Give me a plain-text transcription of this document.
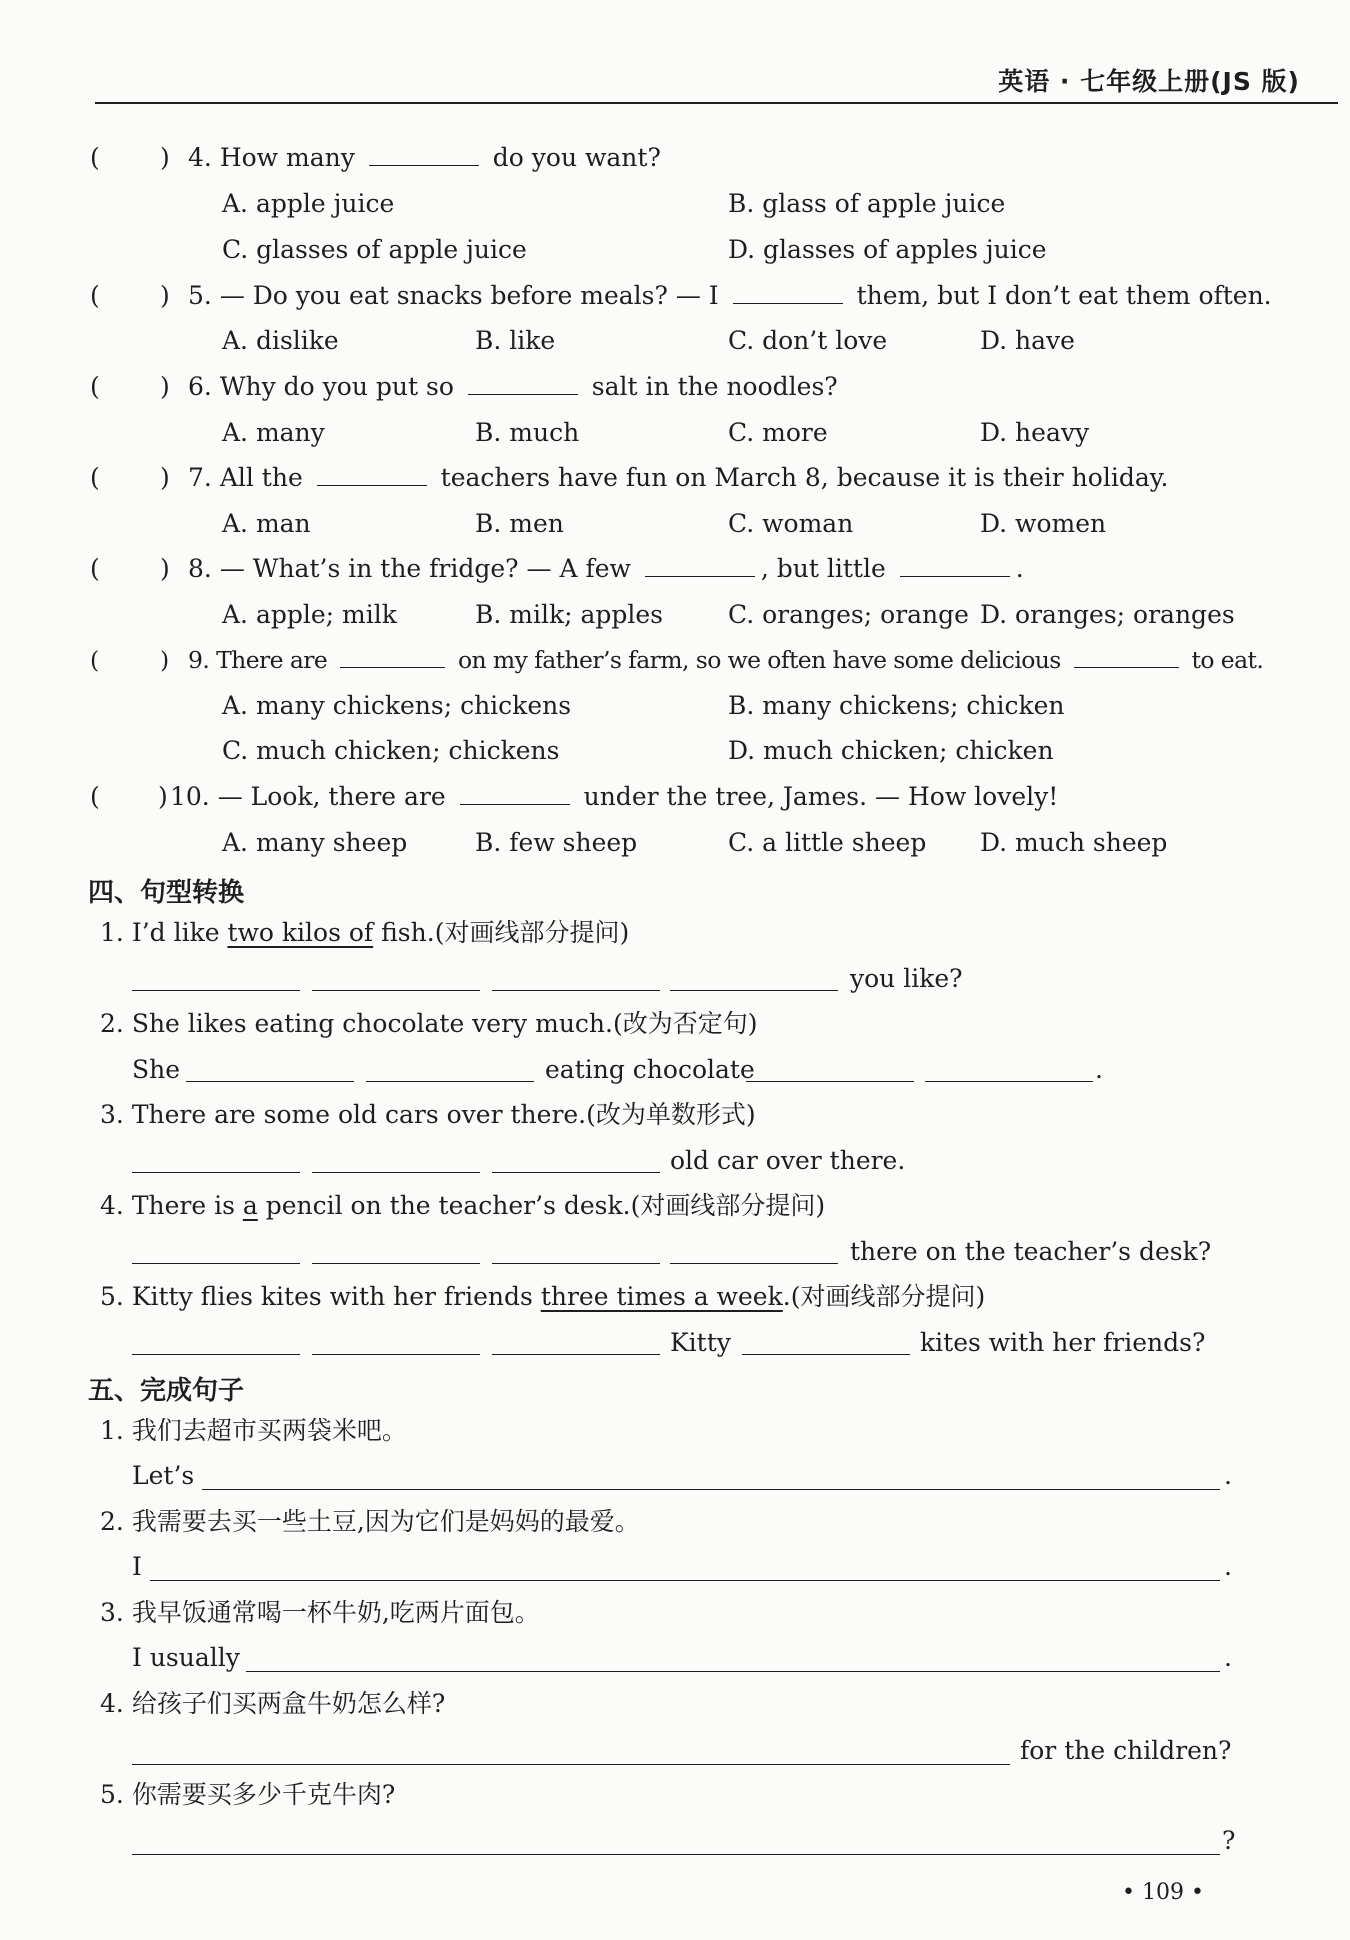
英语 · 七年级上册(JS 版)
( ) 4. How many	do you want?
A. apple juice	B. glass of apple juice
C. glasses of apple juice	D. glasses of apples juice
( ) 5. — Do you eat snacks before meals? — I	them, but I don’t eat them often.
A. dislike	B. like	C. don’t love	D. have
( ) 6. Why do you put so	salt in the noodles?
A. many	B. much	C. more	D. heavy
( ) 7. All the	teachers have fun on March 8, because it is their holiday.
A. man	B. men	C. woman	D. women
( ) 8. — What’s in the fridge? — A few	, but little	.
A. apple; milk	B. milk; apples	C. oranges; orange D. oranges; oranges
(	) 9. There are	on my father’s farm, so we often have some delicious	to eat.
A. many chickens; chickens	B. many chickens; chicken
C. much chicken; chickens	D. much chicken; chicken
( ) 10. — Look, there are	under the tree, James. — How lovely!
A. many sheep	B. few sheep	C. a little sheep D. much sheep
四、句型转换
1. I’d like two kilos of fish.(对画线部分提问)
you like?
2. She likes eating chocolate very much.(改为否定句)
She	eating chocolate	.
3. There are some old cars over there.(改为单数形式)
old car over there.
4. There is a pencil on the teacher’s desk.(对画线部分提问)
there on the teacher’s desk?
5. Kitty flies kites with her friends three times a week.(对画线部分提问)
Kitty	kites with her friends?
五、完成句子
1. 我们去超市买两袋米吧。
Let’s	.
2. 我需要去买一些土豆,因为它们是妈妈的最爱。
I	.
3. 我早饭通常喝一杯牛奶,吃两片面包。
I usually	.
4. 给孩子们买两盒牛奶怎么样?
for the children?
5. 你需要买多少千克牛肉?
?
• 109 •
